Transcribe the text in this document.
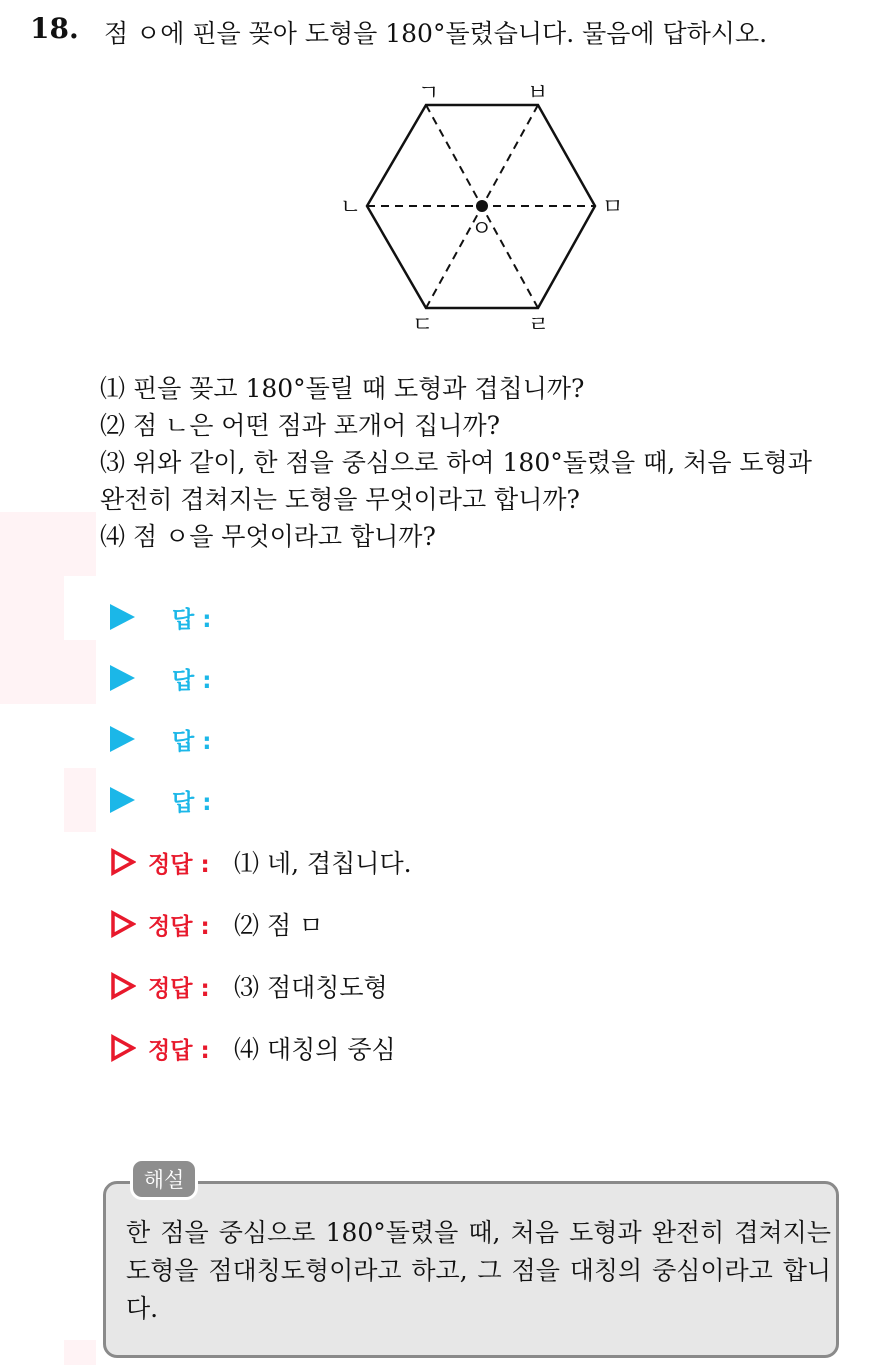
18. 점 ㅇ에 핀을 꽂아 도형을 180°돌렸습니다. 물음에 답하시오.
ㄱ	ㅂ
ㄴ	ㅁ
ㄷ	ㄹ
ㅇ
⑴ 핀을 꽂고 180°돌릴 때 도형과 겹칩니까?
⑵ 점 ㄴ은 어떤 점과 포개어 집니까?
⑶ 위와 같이, 한 점을 중심으로 하여 180°돌렸을 때, 처음 도형과
완전히 겹쳐지는 도형을 무엇이라고 합니까?
⑷ 점 ㅇ을 무엇이라고 합니까?
답 :
답 :
답 :
답 :
정답 : ⑴ 네, 겹칩니다.
정답 : ⑵ 점 ㅁ
정답 : ⑶ 점대칭도형
정답 : ⑷ 대칭의 중심
해설
한 점을 중심으로 180°돌렸을 때, 처음 도형과 완전히 겹쳐지는 도형을 점대칭도형이라고 하고, 그 점을 대칭의 중심이라고 합니다.
